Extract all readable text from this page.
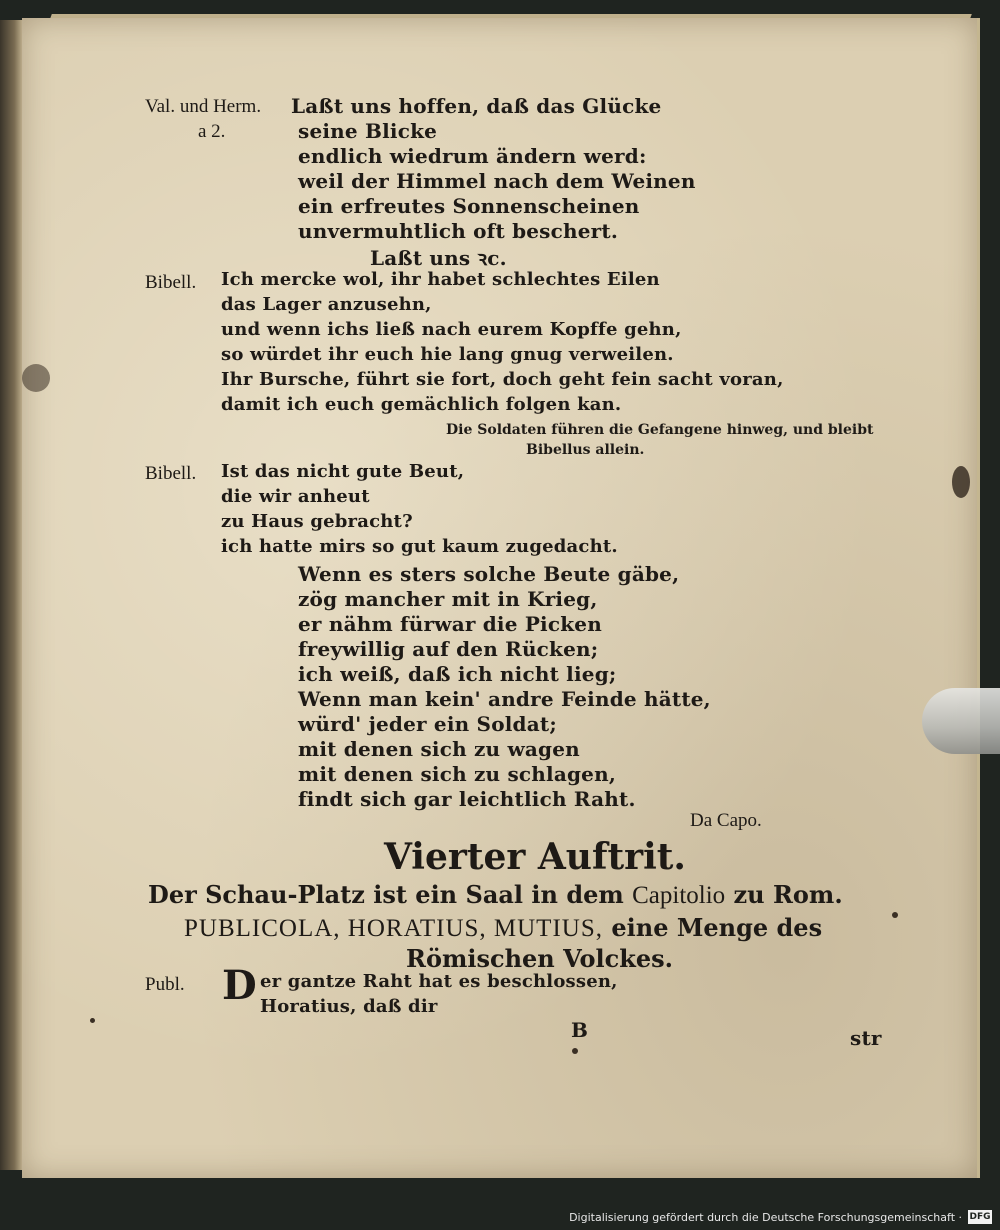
Val. und Herm. Laßt uns hoffen, daß das Glücke
a 2.	seine Blicke
endlich wiedrum ändern werd:
weil der Himmel nach dem Weinen
ein erfreutes Sonnenscheinen
unvermuhtlich oft beschert.
Laßt uns ꝛc.
Bibell. Ich mercke wol, ihr habet schlechtes Eilen
das Lager anzusehn,
und wenn ichs ließ nach eurem Kopffe gehn,
so würdet ihr euch hie lang gnug verweilen.
Ihr Bursche, führt sie fort, doch geht fein sacht voran,
damit ich euch gemächlich folgen kan.
Die Soldaten führen die Gefangene hinweg, und bleibt
Bibellus allein.
Bibell. Ist das nicht gute Beut,
die wir anheut
zu Haus gebracht?
ich hatte mirs so gut kaum zugedacht.
Wenn es sters solche Beute gäbe,
zög mancher mit in Krieg,
er nähm fürwar die Picken
freywillig auf den Rücken;
ich weiß, daß ich nicht lieg;
Wenn man kein' andre Feinde hätte,
würd' jeder ein Soldat;
mit denen sich zu wagen
mit denen sich zu schlagen,
findt sich gar leichtlich Raht.
Da Capo.
Vierter Auftrit.
Der Schau-Platz ist ein Saal in dem Capitolio zu Rom.
PUBLICOLA, HORATIUS, MUTIUS, eine Menge des
Römischen Volckes.
Publ. D er gantze Raht hat es beschlossen,
Horatius, daß dir
B	str
Digitalisierung gefördert durch die Deutsche Forschungsgemeinschaft · DFG
